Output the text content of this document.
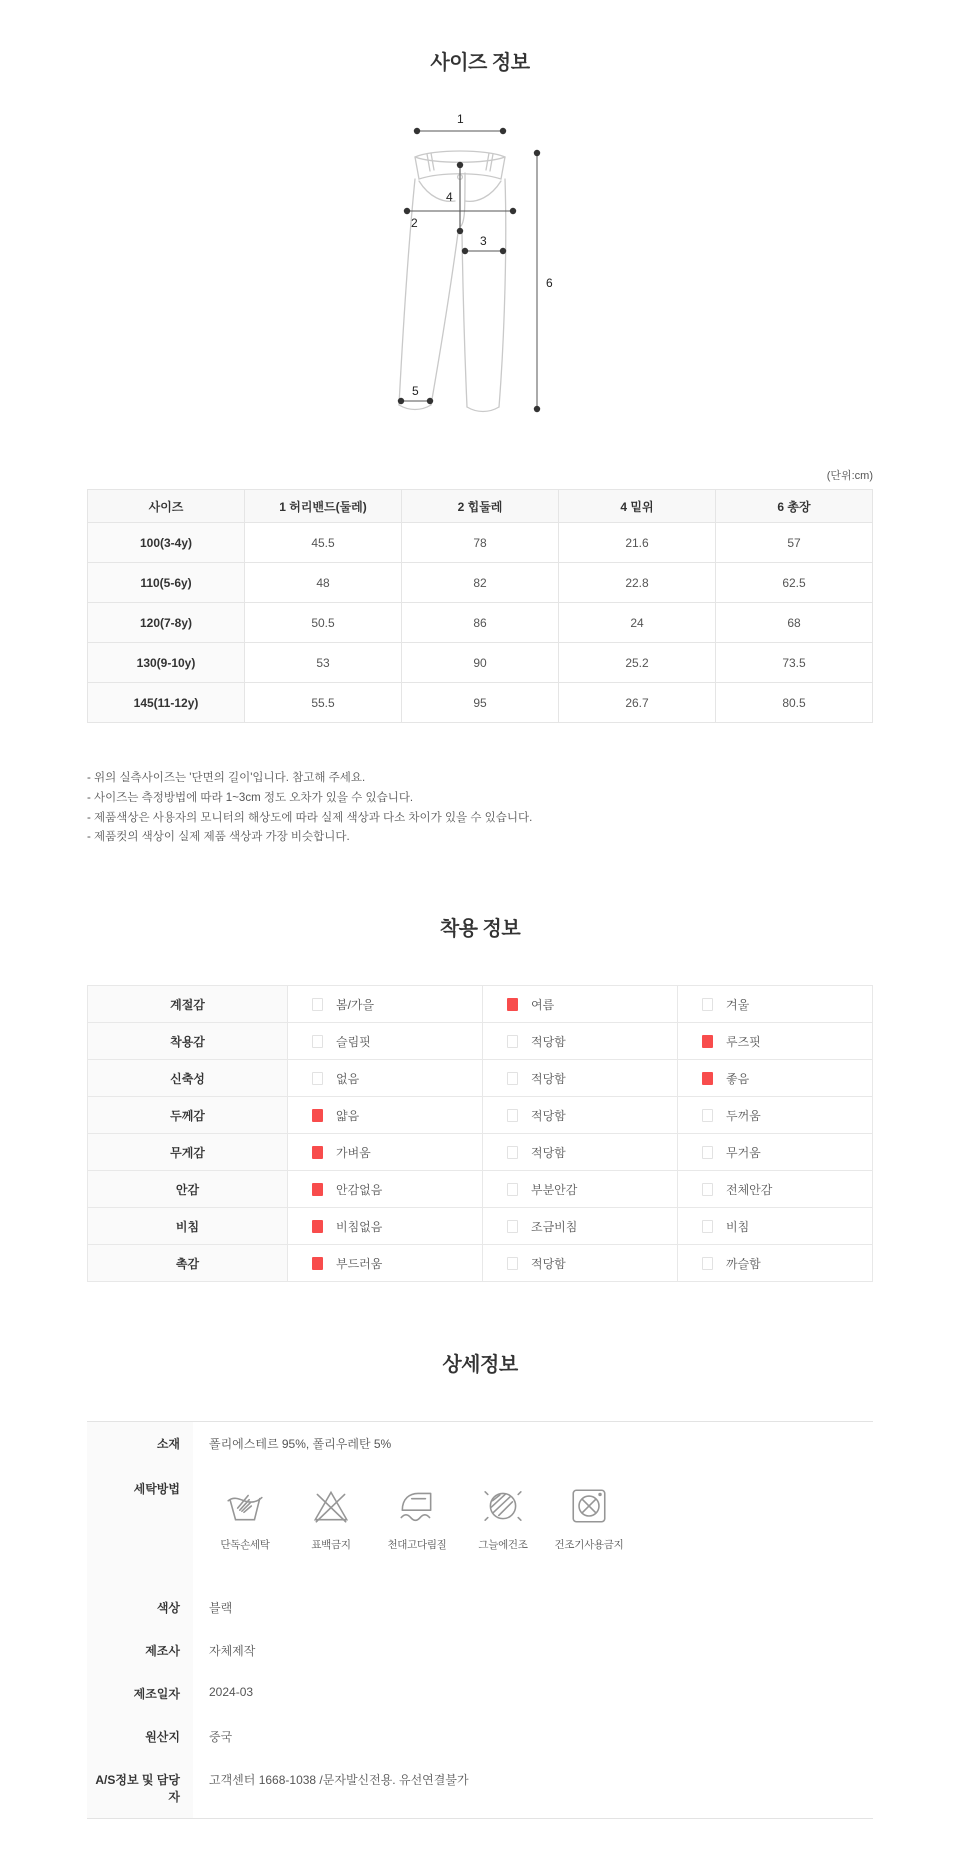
사이즈 정보
1
2
3
4
5
6
(단위:cm)
사이즈	1 허리밴드(둘레)	2 힙둘레	4 밑위	6 총장
100(3-4y)	45.5	78	21.6	57
110(5-6y)	48	82	22.8	62.5
120(7-8y)	50.5	86	24	68
130(9-10y)	53	90	25.2	73.5
145(11-12y)	55.5	95	26.7	80.5
- 위의 실측사이즈는 '단면의 길이'입니다. 참고해 주세요.
- 사이즈는 측정방법에 따라 1~3cm 정도 오차가 있을 수 있습니다.
- 제품색상은 사용자의 모니터의 해상도에 따라 실제 색상과 다소 차이가 있을 수 있습니다.
- 제품컷의 색상이 실제 제품 색상과 가장 비슷합니다.
착용 정보
계절감	봄/가을	여름	겨울

착용감	슬림핏	적당함	루즈핏

신축성	없음	적당함	좋음

두께감	얇음	적당함	두꺼움

무게감	가벼움	적당함	무거움

안감	안감없음	부분안감	전체안감

비침	비침없음	조금비침	비침

촉감	부드러움	적당함	까슬함
상세정보
소재	폴리에스테르 95%, 폴리우레탄 5%
세탁방법
단독손세탁	표백금지	천대고다림질	그늘에건조	건조기사용금지
색상	블랙
제조사	자체제작
제조일자	2024-03
원산지	중국
A/S정보 및 담당자
고객센터 1668-1038 /문자발신전용. 유선연결불가
